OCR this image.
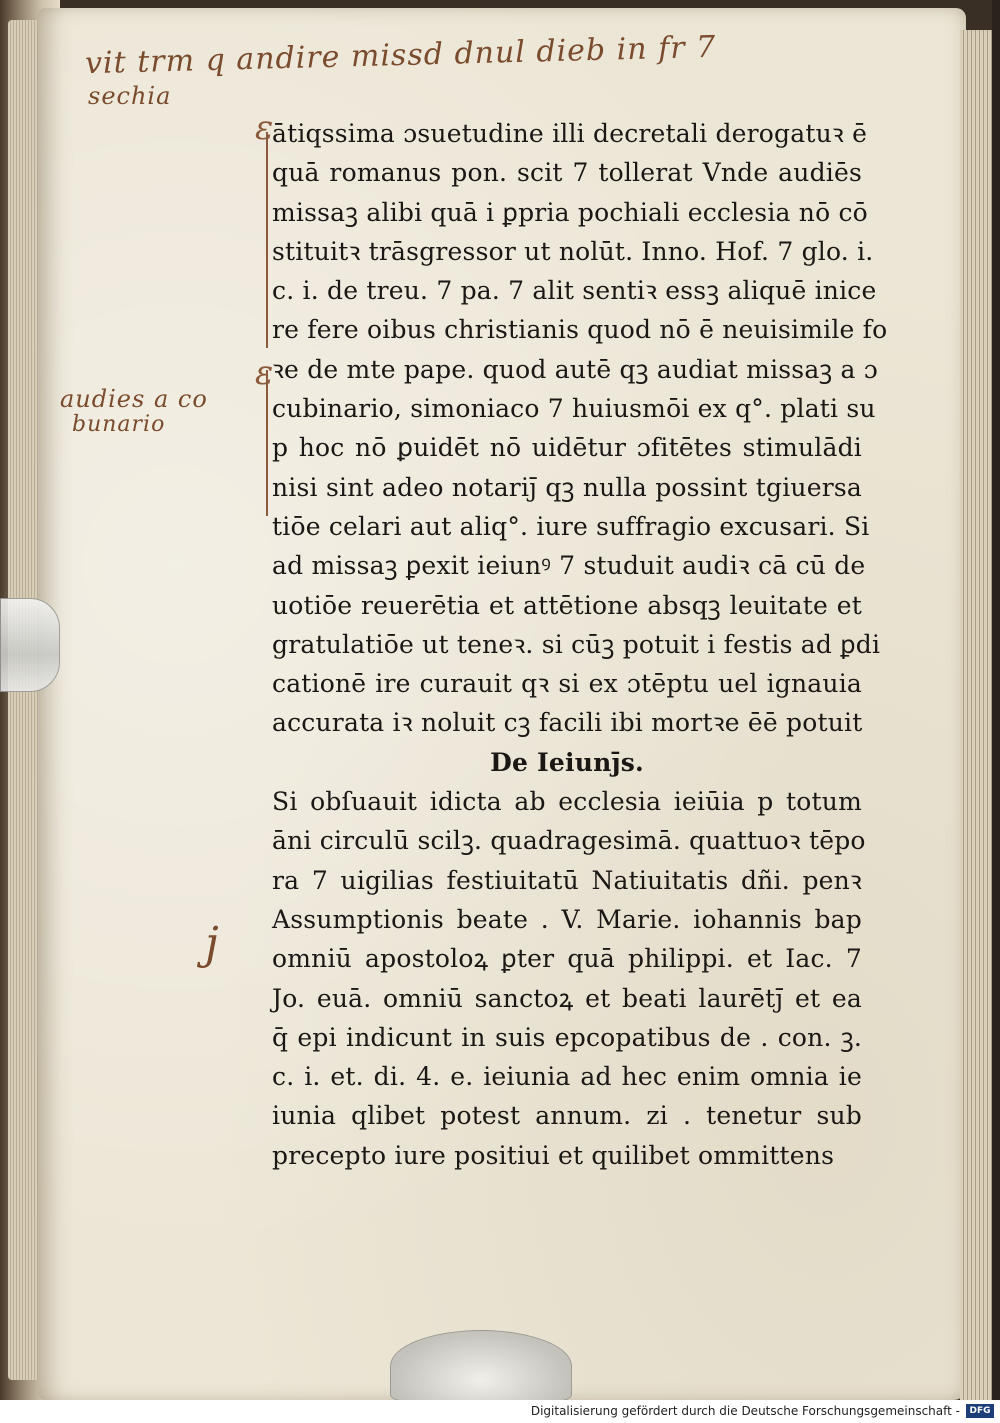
vit trm q andire missd dnul dieb in fr 7
sechia
audies a co
bunario
j
ɛ
ɛ
ātiqssima ɔsuetudine illi decretali derogatuꝛ ē
quā romanus pon. scit 7 tollerat Vnde audiēs
missaꝫ alibi quā i ꝑpria pochiali ecclesia nō cō
stituitꝛ trāsgressor ut nolūt. Inno. Hof. 7 glo. i.
c. i. de treu. 7 pa. 7 alit sentiꝛ essꝫ aliquē inice
re fere oibus christianis quod nō ē neuisimile fo
ꝛe de mte pape. quod autē qꝫ audiat missaꝫ a ɔ
cubinario, simoniaco 7 huiusmōi ex q°. plati su
p hoc nō ꝑuidēt nō uidētur ɔfitētes stimulādi
nisi sint adeo notariȷ̄ qꝫ nulla possint tgiuersa
tiōe celari aut aliq°. iure suffragio excusari. Si
ad missaꝫ ꝑexit ieiunꝰ 7 studuit audiꝛ cā cū de
uotiōe reuerētia et attētione absqꝫ leuitate et
gratulatiōe ut teneꝛ. si cūꝫ potuit i festis ad ꝑdi
cationē ire curauit qꝛ si ex ɔtēptu uel ignauia
accurata iꝛ noluit cꝫ facili ibi mortꝛe ēē potuit
De Ieiunȷ̄s.
Si obſuauit idicta ab ecclesia ieiūia p totum
āni circulū scilꝫ. quadragesimā. quattuoꝛ tēpo
ra 7 uigilias festiuitatū Natiuitatis dñi. penꝛ
Assumptionis beate . V. Marie. iohannis bap
omniū apostoloꝝ ꝑter quā philippi. et Iac. 7
Jo. euā. omniū sanctoꝝ et beati laurētȷ̄ et ea
q̄ epi indicunt in suis epcopatibus de . con. ꝫ.
c. i. et. di. 4. e. ieiunia ad hec enim omnia ie
iunia qlibet potest annum. zi . tenetur sub
precepto iure positiui et quilibet ommittens
Digitalisierung gefördert durch die Deutsche Forschungsgemeinschaft -	DFG
